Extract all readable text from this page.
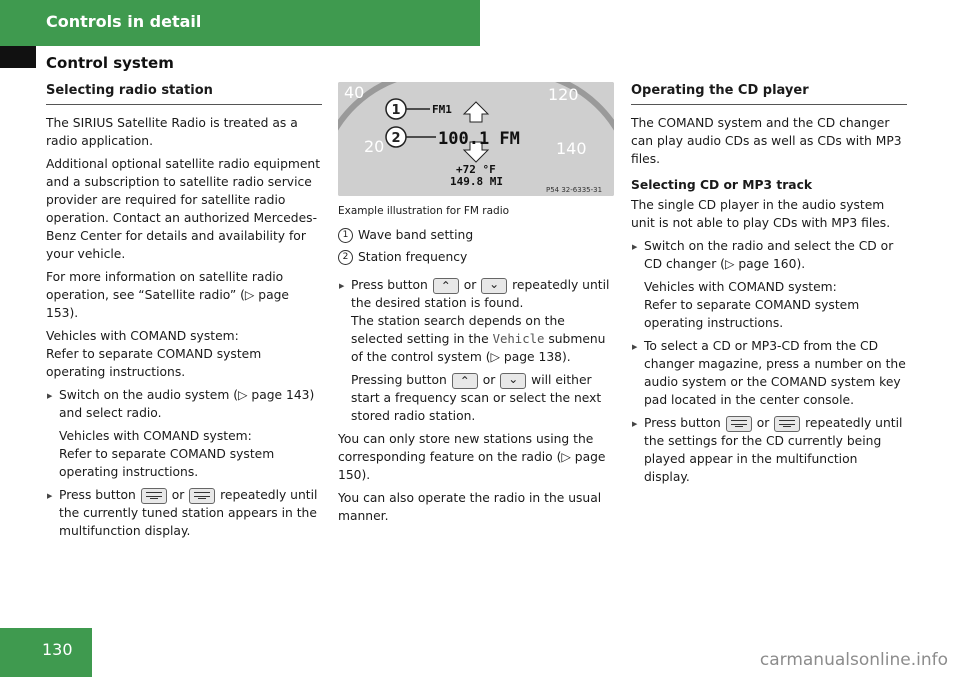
Controls in detail
Control system
Selecting radio station

The SIRIUS Satellite Radio is treated as a radio application.

Additional optional satellite radio equipment and a subscription to satellite radio service provider are required for satellite radio operation. Contact an authorized Mercedes-Benz Center for details and availability for your vehicle.

For more information on satellite radio operation, see “Satellite radio” (▷ page 153).

Vehicles with COMAND system:
Refer to separate COMAND system operating instructions.

▶ Switch on the audio system (▷ page 143) and select radio.
Vehicles with COMAND system:
Refer to separate COMAND system operating instructions.
▶ Press button	or	repeatedly until the currently tuned station appears in the multifunction display.
40
20
120
140
1
2
FM1
100.1 FM
+72 °F
149.8 MI
P54 32-6335-31
Example illustration for FM radio
1 Wave band setting
2 Station frequency
▶ Press button ⌃	or ⌄	repeatedly until the desired station is found.
The station search depends on the selected setting in the Vehicle submenu of the control system (▷ page 138).
Pressing button ⌃	or ⌄	will either start a frequency scan or select the next stored radio station.

You can only store new stations using the corresponding feature on the radio (▷ page 150).

You can also operate the radio in the usual manner.

Operating the CD player

The COMAND system and the CD changer can play audio CDs as well as CDs with MP3 files.

Selecting CD or MP3 track

The single CD player in the audio system unit is not able to play CDs with MP3 files.

▶ Switch on the radio and select the CD or CD changer (▷ page 160).
Vehicles with COMAND system:
Refer to separate COMAND system operating instructions.
▶ To select a CD or MP3-CD from the CD changer magazine, press a number on the audio system or the COMAND system key pad located in the center console.
▶ Press button	or	repeatedly until the settings for the CD currently being played appear in the multifunction display.
130
carmanualsonline.info
